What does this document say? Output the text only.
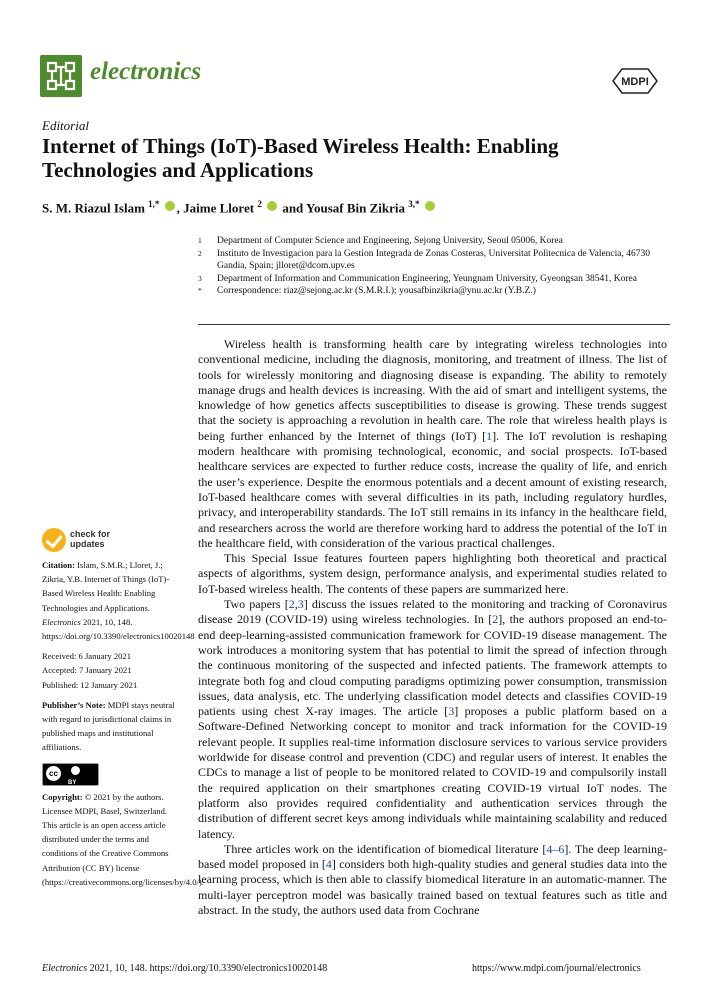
electronics	MDPI
Editorial
Internet of Things (IoT)-Based Wireless Health: Enabling Technologies and Applications
S. M. Riazul Islam $^{1,*}$ , Jaime Lloret $^2$  and Yousaf Bin Zikria $^{3,*}$
1	Department of Computer Science and Engineering, Sejong University, Seoul 05006, Korea
2	Instituto de Investigacion para la Gestion Integrada de Zonas Costeras, Universitat Politecnica de Valencia, 46730 Gandia, Spain; jlloret@dcom.upv.es
3	Department of Information and Communication Engineering, Yeungnam University, Gyeongsan 38541, Korea
*	Correspondence: riaz@sejong.ac.kr (S.M.R.I.); yousafbinzikria@ynu.ac.kr (Y.B.Z.)

Wireless health is transforming health care by integrating wireless technologies into conventional medicine, including the diagnosis, monitoring, and treatment of illness. The list of tools for wirelessly monitoring and diagnosing disease is expanding. The ability to remotely manage drugs and health devices is increasing. With the aid of smart and intelligent systems, the knowledge of how genetics affects susceptibilities to disease is growing. These trends suggest that the society is approaching a revolution in health care. The role that wireless health plays is being further enhanced by the Internet of things (IoT) [1]. The IoT revolution is reshaping modern healthcare with promising technological, economic, and social prospects. IoT-based healthcare services are expected to further reduce costs, increase the quality of life, and enrich the user’s experience. Despite the enormous potentials and a decent amount of existing research, IoT-based healthcare comes with several difficulties in its path, including regulatory hurdles, privacy, and interoperability standards. The IoT still remains in its infancy in the healthcare field, and researchers across the world are therefore working hard to address the potential of the IoT in the healthcare field, with consideration of the various practical challenges.

This Special Issue features fourteen papers highlighting both theoretical and practical aspects of algorithms, system design, performance analysis, and experimental studies related to IoT-based wireless health. The contents of these papers are summarized here.

Two papers [2,3] discuss the issues related to the monitoring and tracking of Coronavirus disease 2019 (COVID-19) using wireless technologies. In [2], the authors proposed an end-to-end deep-learning-assisted communication framework for COVID-19 disease management. The work introduces a monitoring system that has potential to limit the spread of infection through the continuous monitoring of the suspected and infected patients. The framework attempts to integrate both fog and cloud computing paradigms optimizing power consumption, transmission issues, data analysis, etc. The underlying classification model detects and classifies COVID-19 patients using chest X-ray images. The article [3] proposes a public platform based on a Software-Defined Networking concept to monitor and track information for the COVID-19 relevant people. It supplies real-time information disclosure services to various service providers worldwide for disease control and prevention (CDC) and regular users of interest. It enables the CDCs to manage a list of people to be monitored related to COVID-19 and compulsorily install the required application on their smartphones creating COVID-19 virtual IoT nodes. The platform also provides required confidentiality and authentication services through the distribution of different secret keys among individuals while maintaining scalability and reduced latency.

Three articles work on the identification of biomedical literature [4–6]. The deep learning-based model proposed in [4] considers both high-quality studies and general studies data into the learning process, which is then able to classify biomedical literature in an automatic-manner. The multi-layer perceptron model was basically trained based on textual features such as title and abstract. In the study, the authors used data from Cochrane

check for
updates
Citation: Islam, S.M.R.; Lloret, J.; Zikria, Y.B. Internet of Things (IoT)-Based Wireless Health: Enabling Technologies and Applications. Electronics 2021, 10, 148. https://doi.org/10.3390/electronics10020148
Received: 6 January 2021
Accepted: 7 January 2021
Published: 12 January 2021
Publisher’s Note: MDPI stays neutral with regard to jurisdictional claims in published maps and institutional affiliations.
cc
BY
Copyright: © 2021 by the authors. Licensee MDPI, Basel, Switzerland. This article is an open access article distributed under the terms and conditions of the Creative Commons Attribution (CC BY) license (https://creativecommons.org/licenses/by/4.0/).
Electronics 2021, 10, 148. https://doi.org/10.3390/electronics10020148	https://www.mdpi.com/journal/electronics
